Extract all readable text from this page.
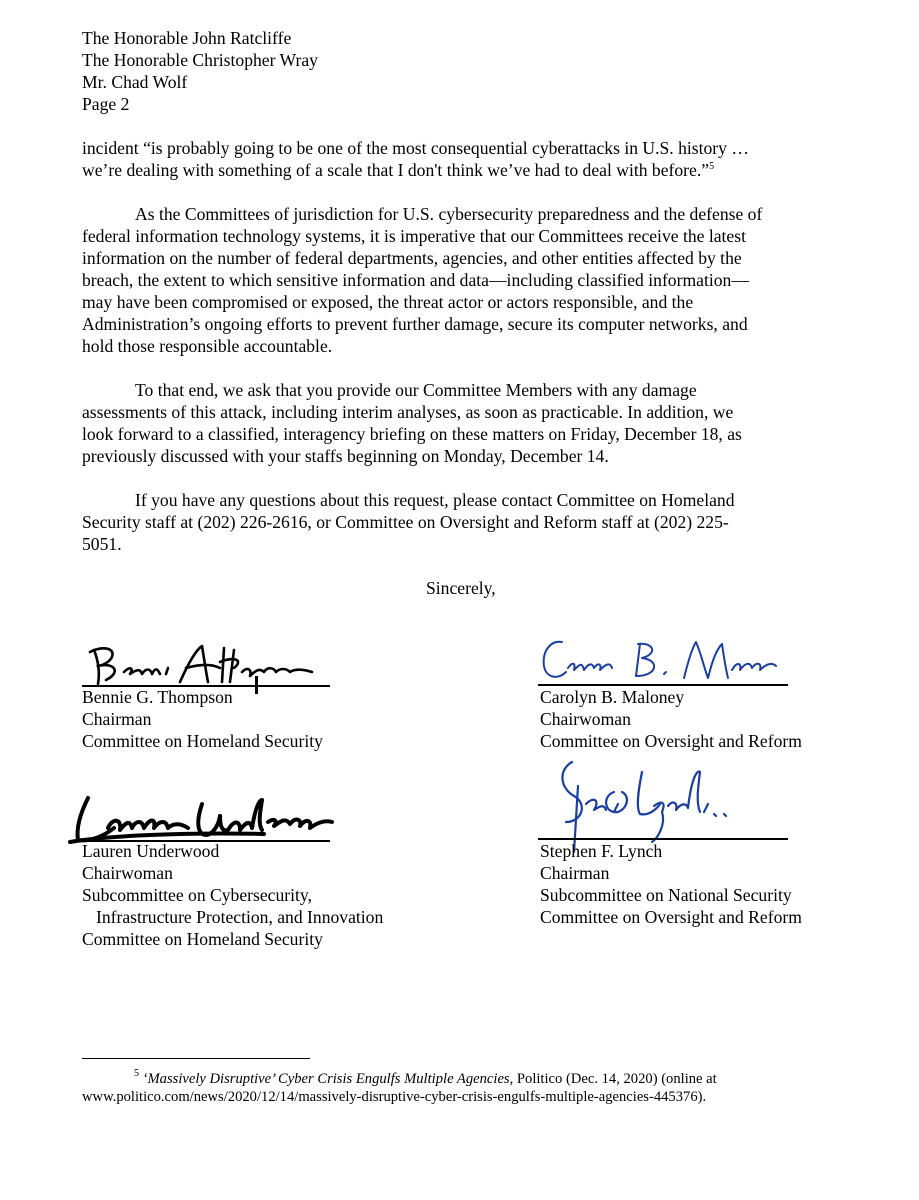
The Honorable John Ratcliffe
The Honorable Christopher Wray
Mr. Chad Wolf
Page 2
incident “is probably going to be one of the most consequential cyberattacks in U.S. history …
we’re dealing with something of a scale that I don't think we’ve had to deal with before.”$^5$
As the Committees of jurisdiction for U.S. cybersecurity preparedness and the defense of
federal information technology systems, it is imperative that our Committees receive the latest
information on the number of federal departments, agencies, and other entities affected by the
breach, the extent to which sensitive information and data—including classified information—
may have been compromised or exposed, the threat actor or actors responsible, and the
Administration’s ongoing efforts to prevent further damage, secure its computer networks, and
hold those responsible accountable.
To that end, we ask that you provide our Committee Members with any damage
assessments of this attack, including interim analyses, as soon as practicable. In addition, we
look forward to a classified, interagency briefing on these matters on Friday, December 18, as
previously discussed with your staffs beginning on Monday, December 14.
If you have any questions about this request, please contact Committee on Homeland
Security staff at (202) 226-2616, or Committee on Oversight and Reform staff at (202) 225-
5051.
Sincerely,
Bennie G. Thompson
Chairman
Committee on Homeland Security
Carolyn B. Maloney
Chairwoman
Committee on Oversight and Reform
Lauren Underwood
Chairwoman
Subcommittee on Cybersecurity,
Infrastructure Protection, and Innovation
Committee on Homeland Security
Stephen F. Lynch
Chairman
Subcommittee on National Security
Committee on Oversight and Reform
$^5$ ‘Massively Disruptive’ Cyber Crisis Engulfs Multiple Agencies, Politico (Dec. 14, 2020) (online at
www.politico.com/news/2020/12/14/massively-disruptive-cyber-crisis-engulfs-multiple-agencies-445376).
